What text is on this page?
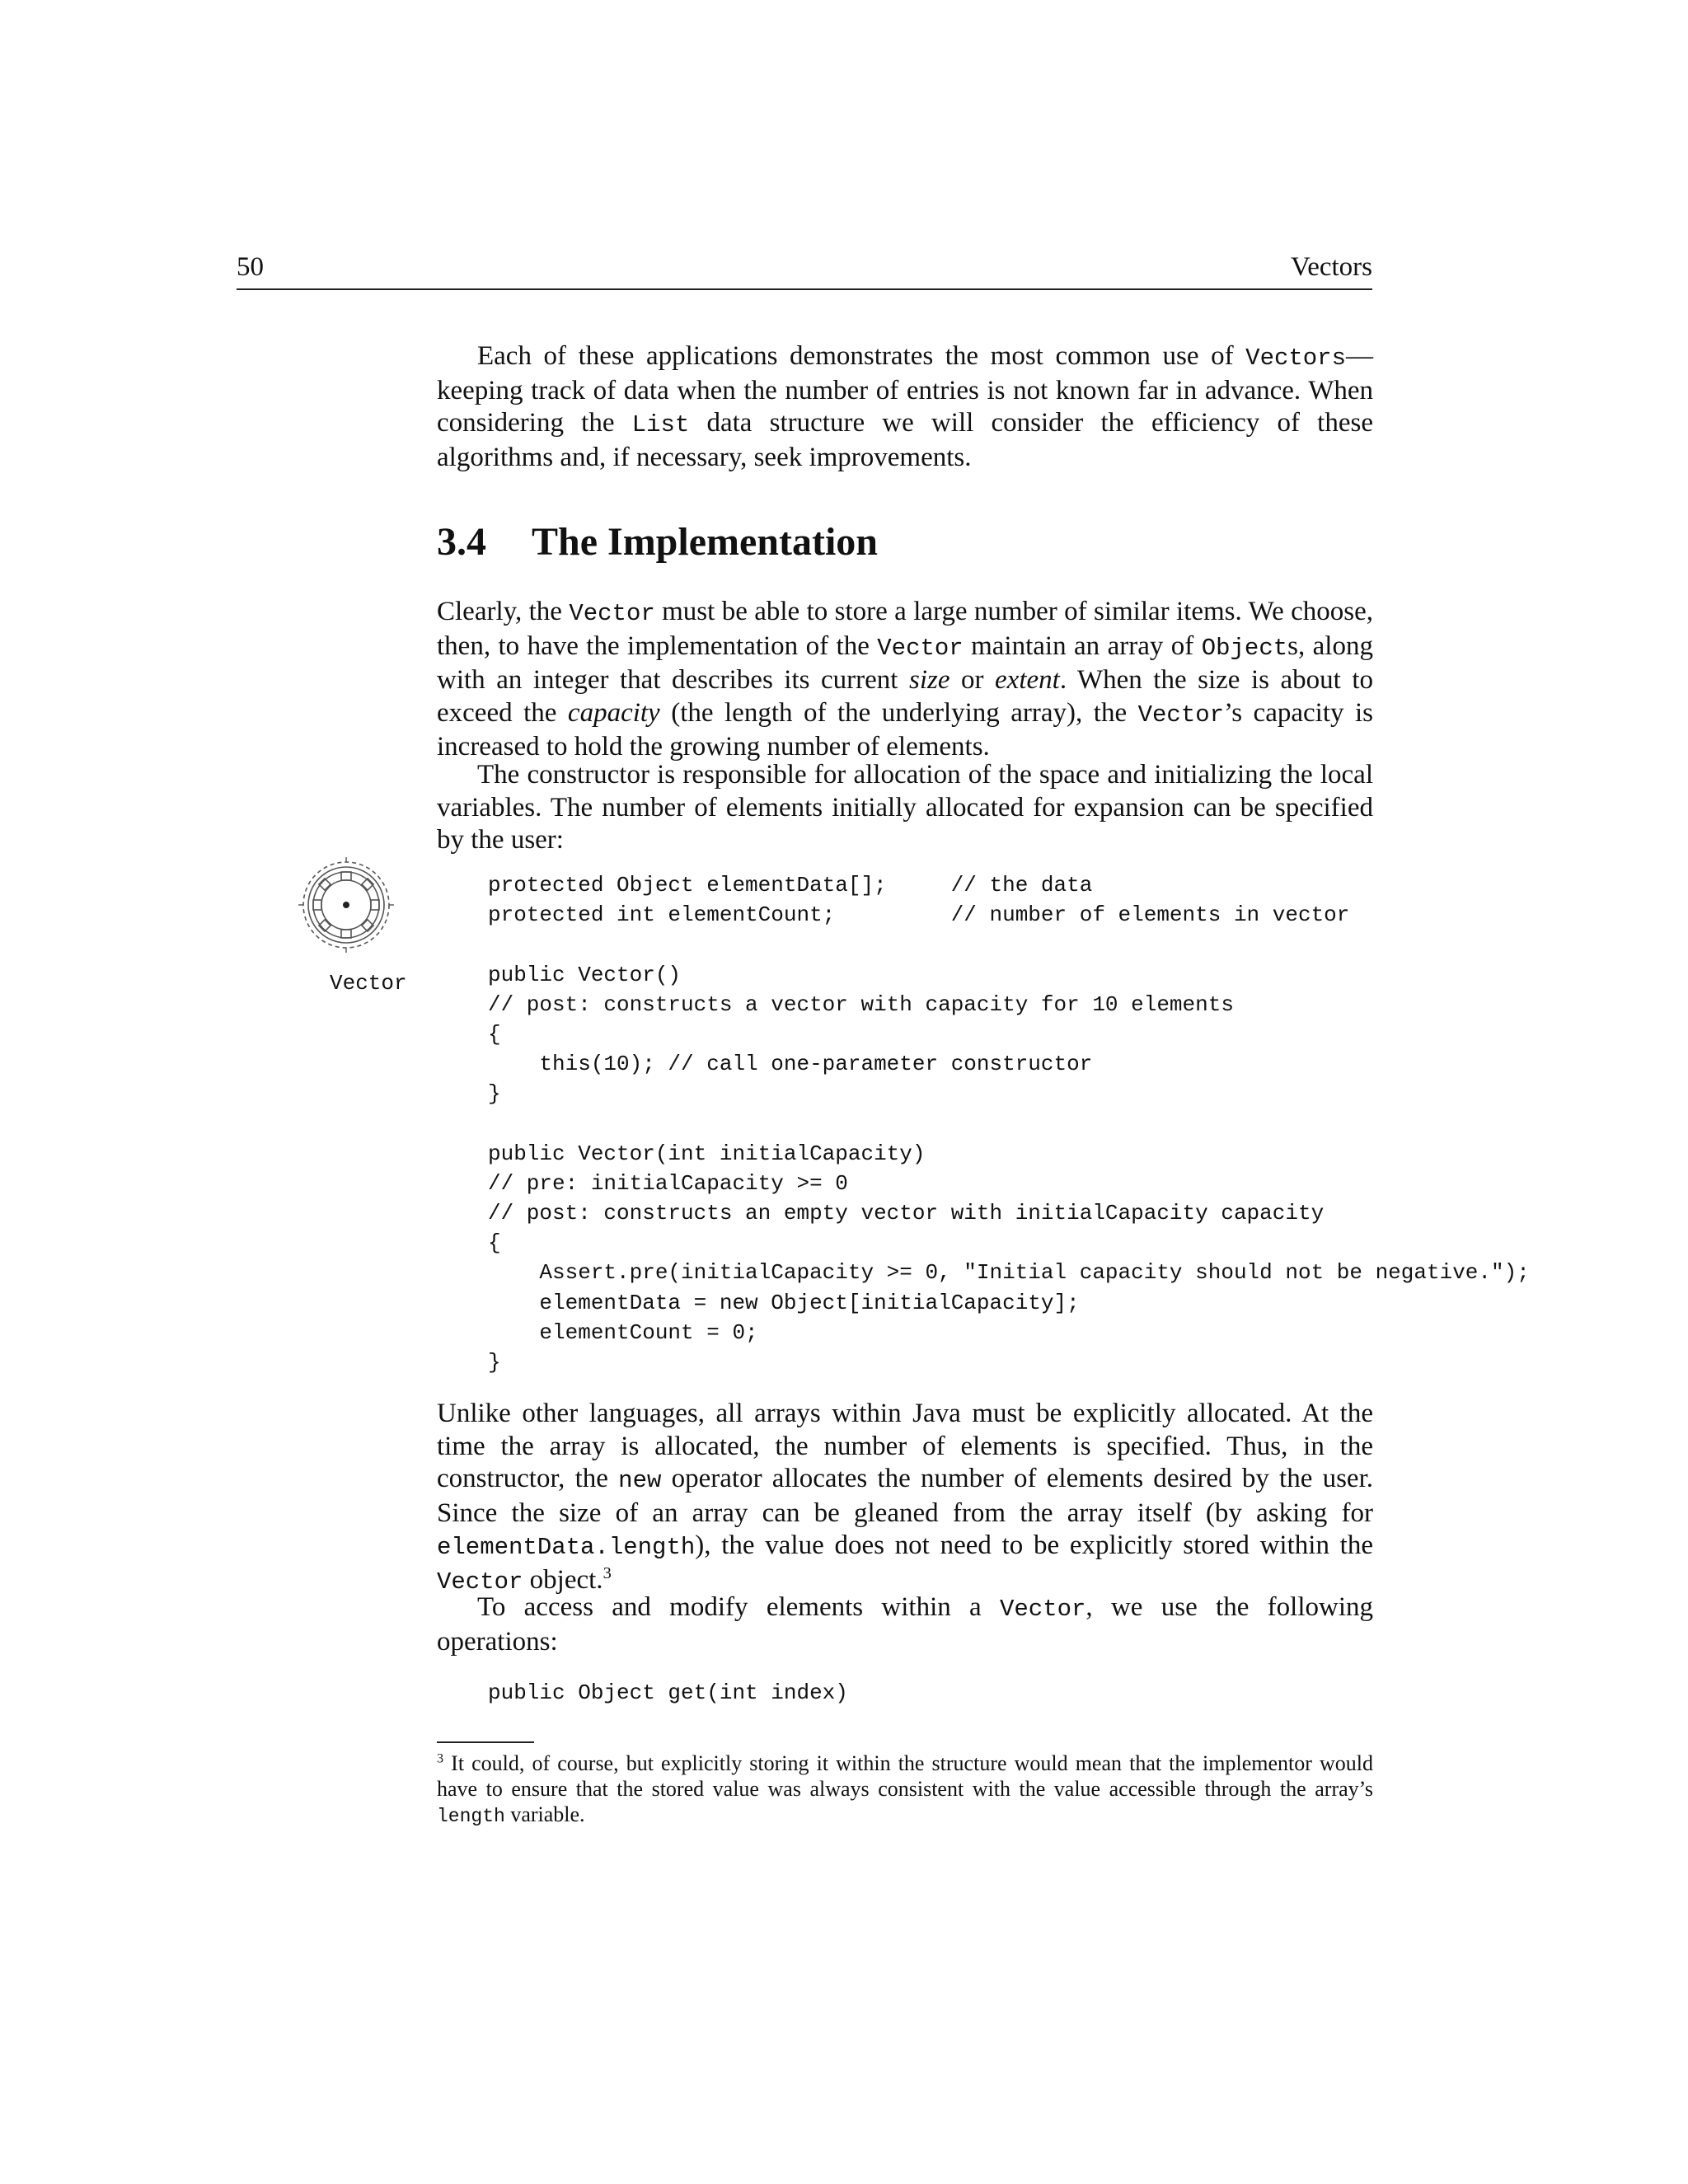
50	Vectors

Each of these applications demonstrates the most common use of Vectors—keeping track of data when the number of entries is not known far in advance. When considering the List data structure we will consider the efficiency of these algorithms and, if necessary, seek improvements.

3.4 The Implementation

Clearly, the Vector must be able to store a large number of similar items. We choose, then, to have the implementation of the Vector maintain an array of Objects, along with an integer that describes its current size or extent. When the size is about to exceed the capacity (the length of the underlying array), the Vector’s capacity is increased to hold the growing number of elements.

The constructor is responsible for allocation of the space and initializing the local variables. The number of elements initially allocated for expansion can be specified by the user:

Vector
protected Object elementData[];     // the data
protected int elementCount;         // number of elements in vector
public Vector()
// post: constructs a vector with capacity for 10 elements
{
this(10); // call one-parameter constructor
}
public Vector(int initialCapacity)
// pre: initialCapacity >= 0
// post: constructs an empty vector with initialCapacity capacity
{
Assert.pre(initialCapacity >= 0, "Initial capacity should not be negative.");
elementData = new Object[initialCapacity];
elementCount = 0;
}

Unlike other languages, all arrays within Java must be explicitly allocated. At the time the array is allocated, the number of elements is specified. Thus, in the constructor, the new operator allocates the number of elements desired by the user. Since the size of an array can be gleaned from the array itself (by asking for elementData.length), the value does not need to be explicitly stored within the Vector object.$^3$

To access and modify elements within a Vector, we use the following operations:

public Object get(int index)

$^3$ It could, of course, but explicitly storing it within the structure would mean that the implementor would have to ensure that the stored value was always consistent with the value accessible through the array’s length variable.
